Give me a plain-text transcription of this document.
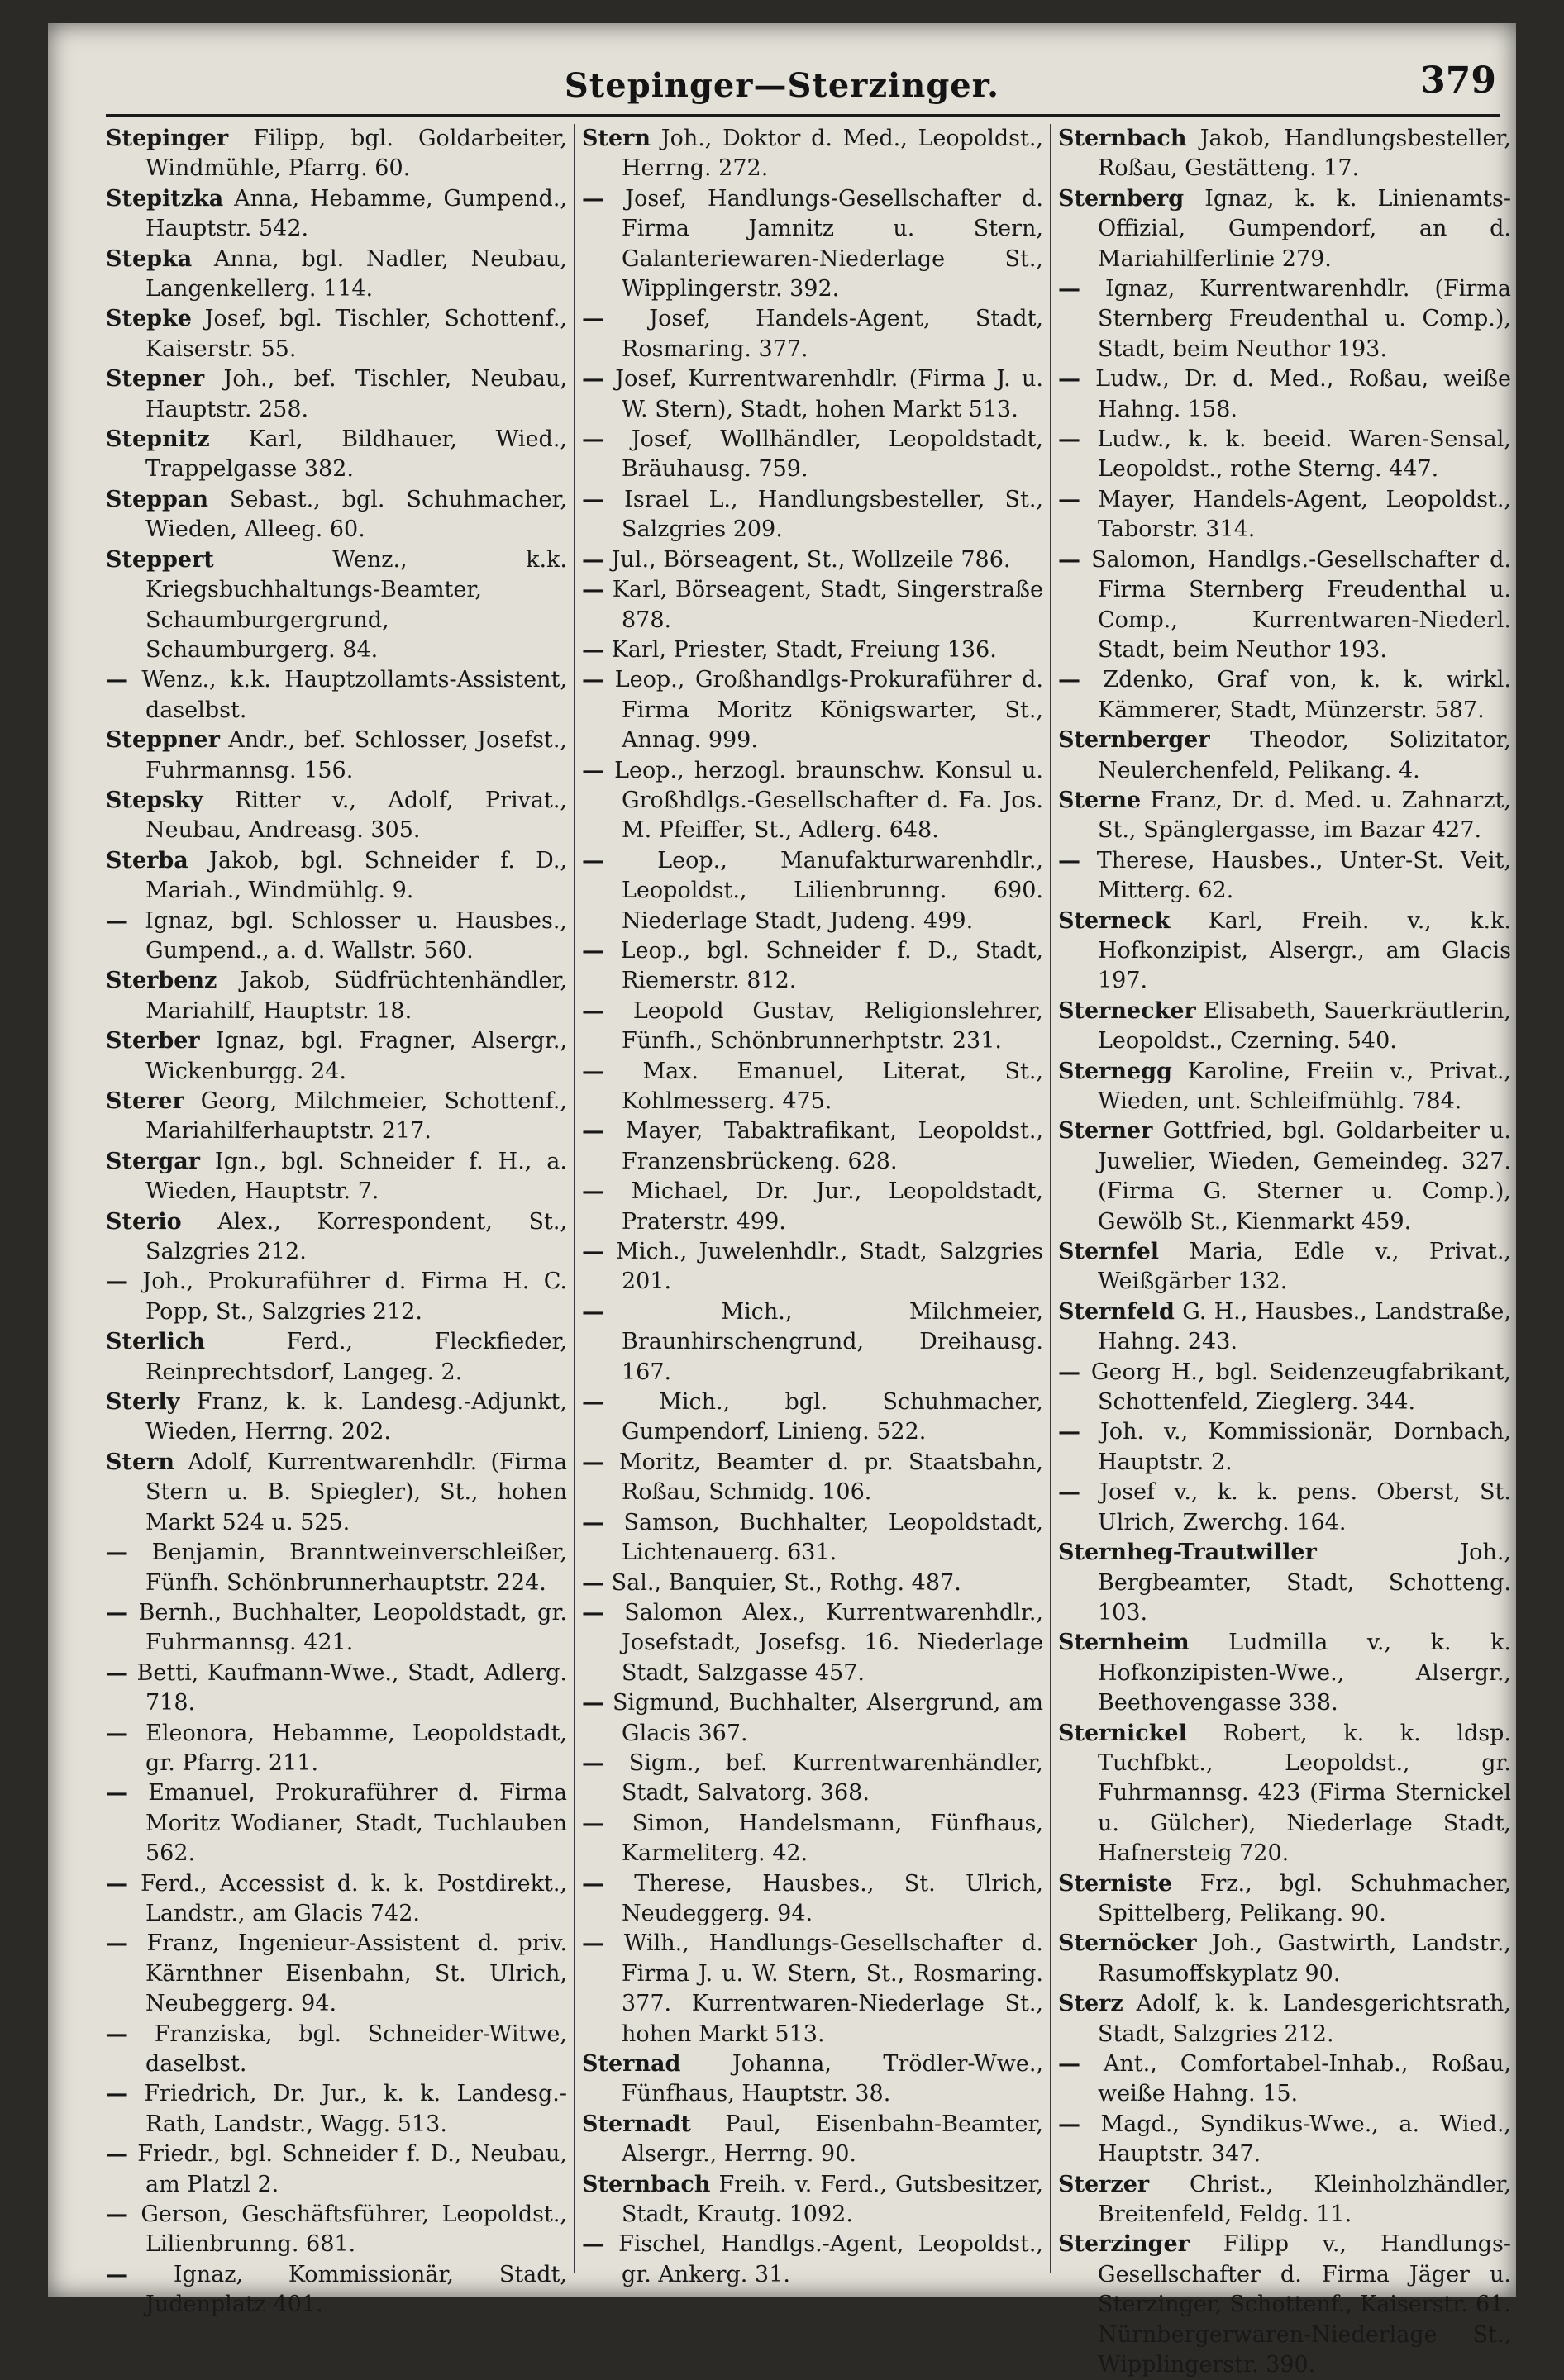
Stepinger—Sterzinger.	379

Stepinger Filipp, bgl. Goldarbeiter, Windmühle, Pfarrg. 60.

Stepitzka Anna, Hebamme, Gumpend., Hauptstr. 542.

Stepka Anna, bgl. Nadler, Neubau, Langenkellerg. 114.

Stepke Josef, bgl. Tischler, Schottenf., Kaiserstr. 55.

Stepner Joh., bef. Tischler, Neubau, Hauptstr. 258.

Stepnitz Karl, Bildhauer, Wied., Trappelgasse 382.

Steppan Sebast., bgl. Schuhmacher, Wieden, Alleeg. 60.

Steppert	Wenz., k.k. Kriegsbuchhaltungs-Beamter, Schaumburgergrund, Schaumburgerg. 84.

— Wenz., k.k. Hauptzollamts-Assistent, daselbst.

Steppner Andr., bef. Schlosser, Josefst., Fuhrmannsg. 156.

Stepsky Ritter v., Adolf, Privat., Neubau, Andreasg. 305.

Sterba Jakob, bgl. Schneider f. D., Mariah., Windmühlg. 9.

— Ignaz, bgl. Schlosser u. Hausbes., Gumpend., a. d. Wallstr. 560.

Sterbenz Jakob, Südfrüchtenhändler, Mariahilf, Hauptstr. 18.

Sterber Ignaz, bgl. Fragner, Alsergr., Wickenburgg. 24.

Sterer Georg, Milchmeier, Schottenf., Mariahilferhauptstr. 217.

Stergar Ign., bgl. Schneider f. H., a. Wieden, Hauptstr. 7.

Sterio Alex., Korrespondent, St., Salzgries 212.

— Joh., Prokuraführer d. Firma H. C. Popp, St., Salzgries 212.

Sterlich	Ferd., Fleckfieder, Reinprechtsdorf, Langeg. 2.

Sterly Franz, k. k. Landesg.-Adjunkt, Wieden, Herrng. 202.

Stern Adolf, Kurrentwarenhdlr. (Firma Stern u. B. Spiegler), St., hohen Markt 524 u. 525.

— Benjamin, Branntweinverschleißer, Fünfh. Schönbrunnerhauptstr. 224.

— Bernh., Buchhalter, Leopoldstadt, gr. Fuhrmannsg. 421.

— Betti, Kaufmann-Wwe., Stadt, Adlerg. 718.

— Eleonora, Hebamme, Leopoldstadt, gr. Pfarrg. 211.

— Emanuel, Prokuraführer d. Firma Moritz Wodianer, Stadt, Tuchlauben 562.

— Ferd., Accessist d. k. k. Postdirekt., Landstr., am Glacis 742.

— Franz, Ingenieur-Assistent d. priv. Kärnthner Eisenbahn, St. Ulrich, Neubeggerg. 94.

— Franziska, bgl. Schneider-Witwe, daselbst.

— Friedrich, Dr. Jur., k. k. Landesg.-Rath, Landstr., Wagg. 513.

— Friedr., bgl. Schneider f. D., Neubau, am Platzl 2.

— Gerson, Geschäftsführer, Leopoldst., Lilienbrunng. 681.

— Ignaz, Kommissionär, Stadt, Judenplatz 401.

Stern Joh., Doktor d. Med., Leopoldst., Herrng. 272.

— Josef, Handlungs-Gesellschafter d. Firma Jamnitz u. Stern, Galanteriewaren-Niederlage St., Wipplingerstr. 392.

— Josef, Handels-Agent, Stadt, Rosmaring. 377.

— Josef, Kurrentwarenhdlr. (Firma J. u. W. Stern), Stadt, hohen Markt 513.

— Josef, Wollhändler, Leopoldstadt, Bräuhausg. 759.

— Israel L., Handlungsbesteller, St., Salzgries 209.

— Jul., Börseagent, St., Wollzeile 786.

— Karl, Börseagent, Stadt, Singerstraße 878.

— Karl, Priester, Stadt, Freiung 136.

— Leop., Großhandlgs-Prokuraführer d. Firma Moritz Königswarter, St., Annag. 999.

— Leop., herzogl. braunschw. Konsul u. Großhdlgs.-Gesellschafter d. Fa. Jos. M. Pfeiffer, St., Adlerg. 648.

— Leop., Manufakturwarenhdlr., Leopoldst., Lilienbrunng. 690. Niederlage Stadt, Judeng. 499.

— Leop., bgl. Schneider f. D., Stadt, Riemerstr. 812.

— Leopold Gustav, Religionslehrer, Fünfh., Schönbrunnerhptstr. 231.

— Max. Emanuel, Literat, St., Kohlmesserg. 475.

— Mayer, Tabaktrafikant, Leopoldst., Franzensbrückeng. 628.

— Michael, Dr. Jur., Leopoldstadt, Praterstr. 499.

— Mich., Juwelenhdlr., Stadt, Salzgries 201.

—	Mich., Milchmeier, Braunhirschengrund, Dreihausg. 167.

— Mich., bgl. Schuhmacher, Gumpendorf, Linieng. 522.

— Moritz, Beamter d. pr. Staatsbahn, Roßau, Schmidg. 106.

— Samson, Buchhalter, Leopoldstadt, Lichtenauerg. 631.

— Sal., Banquier, St., Rothg. 487.

— Salomon Alex., Kurrentwarenhdlr., Josefstadt, Josefsg. 16. Niederlage Stadt, Salzgasse 457.

— Sigmund, Buchhalter, Alsergrund, am Glacis 367.

— Sigm., bef. Kurrentwarenhändler, Stadt, Salvatorg. 368.

— Simon, Handelsmann, Fünfhaus, Karmeliterg. 42.

— Therese, Hausbes., St. Ulrich, Neudeggerg. 94.

— Wilh., Handlungs-Gesellschafter d. Firma J. u. W. Stern, St., Rosmaring. 377. Kurrentwaren-Niederlage St., hohen Markt 513.

Sternad Johanna, Trödler-Wwe., Fünfhaus, Hauptstr. 38.

Sternadt Paul, Eisenbahn-Beamter, Alsergr., Herrng. 90.

Sternbach Freih. v. Ferd., Gutsbesitzer, Stadt, Krautg. 1092.

— Fischel, Handlgs.-Agent, Leopoldst., gr. Ankerg. 31.

Sternbach Jakob, Handlungsbesteller, Roßau, Gestätteng. 17.

Sternberg Ignaz, k. k. Linienamts-Offizial, Gumpendorf, an d. Mariahilferlinie 279.

— Ignaz, Kurrentwarenhdlr. (Firma Sternberg Freudenthal u. Comp.), Stadt, beim Neuthor 193.

— Ludw., Dr. d. Med., Roßau, weiße Hahng. 158.

— Ludw., k. k. beeid. Waren-Sensal, Leopoldst., rothe Sterng. 447.

— Mayer, Handels-Agent, Leopoldst., Taborstr. 314.

— Salomon, Handlgs.-Gesellschafter d. Firma Sternberg Freudenthal u. Comp., Kurrentwaren-Niederl. Stadt, beim Neuthor 193.

— Zdenko, Graf von, k. k. wirkl. Kämmerer, Stadt, Münzerstr. 587.

Sternberger Theodor, Solizitator, Neulerchenfeld, Pelikang. 4.

Sterne Franz, Dr. d. Med. u. Zahnarzt, St., Spänglergasse, im Bazar 427.

— Therese, Hausbes., Unter-St. Veit, Mitterg. 62.

Sterneck Karl, Freih. v., k.k. Hofkonzipist, Alsergr., am Glacis 197.

Sternecker Elisabeth, Sauerkräutlerin, Leopoldst., Czerning. 540.

Sternegg Karoline, Freiin v., Privat., Wieden, unt. Schleifmühlg. 784.

Sterner Gottfried, bgl. Goldarbeiter u. Juwelier, Wieden, Gemeindeg. 327. (Firma G. Sterner u. Comp.), Gewölb St., Kienmarkt 459.

Sternfel Maria, Edle v., Privat., Weißgärber 132.

Sternfeld G. H., Hausbes., Landstraße, Hahng. 243.

— Georg H., bgl. Seidenzeugfabrikant, Schottenfeld, Zieglerg. 344.

— Joh. v., Kommissionär, Dornbach, Hauptstr. 2.

— Josef v., k. k. pens. Oberst, St. Ulrich, Zwerchg. 164.

Sternheg-Trautwiller	Joh., Bergbeamter, Stadt, Schotteng. 103.

Sternheim Ludmilla v., k. k. Hofkonzipisten-Wwe., Alsergr., Beethovengasse 338.

Sternickel Robert, k. k. ldsp. Tuchfbkt., Leopoldst., gr. Fuhrmannsg. 423 (Firma Sternickel u. Gülcher), Niederlage Stadt, Hafnersteig 720.

Sterniste Frz., bgl. Schuhmacher, Spittelberg, Pelikang. 90.

Sternöcker Joh., Gastwirth, Landstr., Rasumoffskyplatz 90.

Sterz Adolf, k. k. Landesgerichtsrath, Stadt, Salzgries 212.

— Ant., Comfortabel-Inhab., Roßau, weiße Hahng. 15.

— Magd., Syndikus-Wwe., a. Wied., Hauptstr. 347.

Sterzer Christ., Kleinholzhändler, Breitenfeld, Feldg. 11.

Sterzinger Filipp v., Handlungs-Gesellschafter d. Firma Jäger u. Sterzinger, Schottenf., Kaiserstr. 61. Nürnbergerwaren-Niederlage St., Wipplingerstr. 390.
